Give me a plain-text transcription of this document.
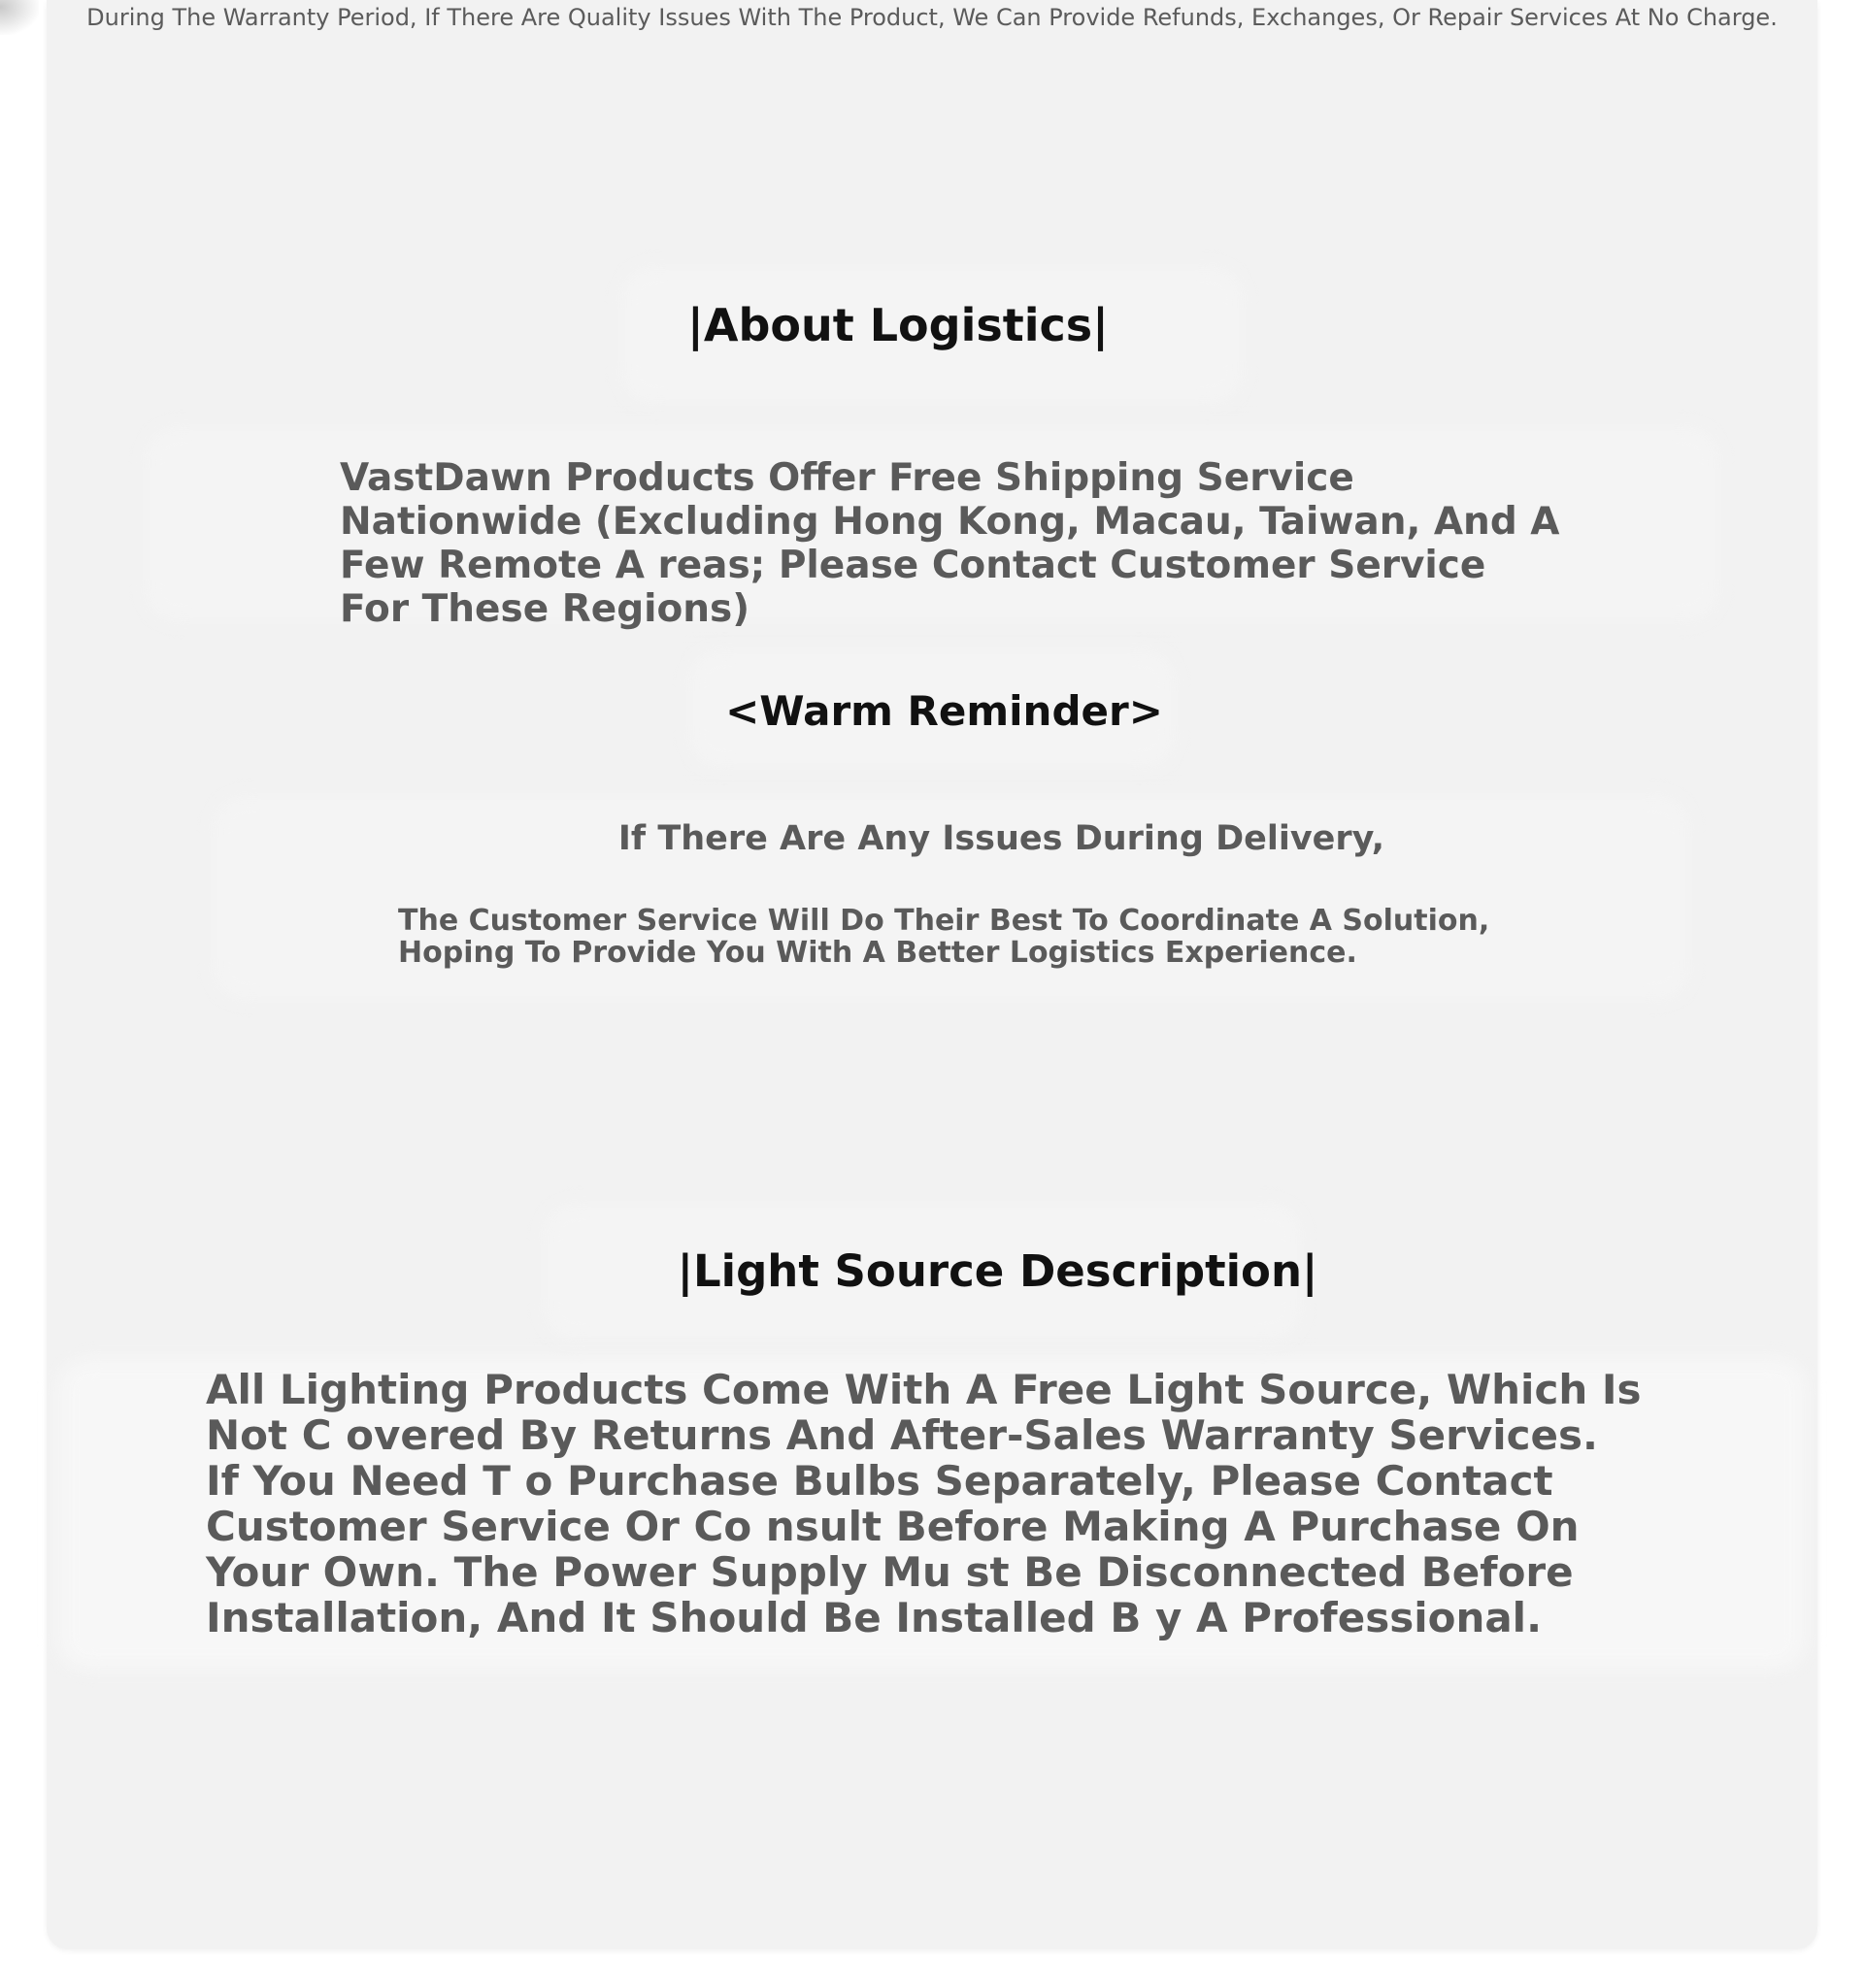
During The Warranty Period, If There Are Quality Issues With The Product, We Can Provide Refunds, Exchanges, Or Repair Services At No Charge.
|About Logistics|
VastDawn Products Offer Free Shipping Service Nationwide (Excluding Hong Kong, Macau, Taiwan, And A Few Remote A reas; Please Contact Customer Service For These Regions)
<Warm Reminder>
If There Are Any Issues During Delivery,
The Customer Service Will Do Their Best To Coordinate A Solution, Hoping To Provide You With A Better Logistics Experience.
|Light Source Description|
All Lighting Products Come With A Free Light Source, Which Is Not C overed By Returns And After-Sales Warranty Services. If You Need T o Purchase Bulbs Separately, Please Contact Customer Service Or Co nsult Before Making A Purchase On Your Own. The Power Supply Mu st Be Disconnected Before Installation, And It Should Be Installed B y A Professional.
